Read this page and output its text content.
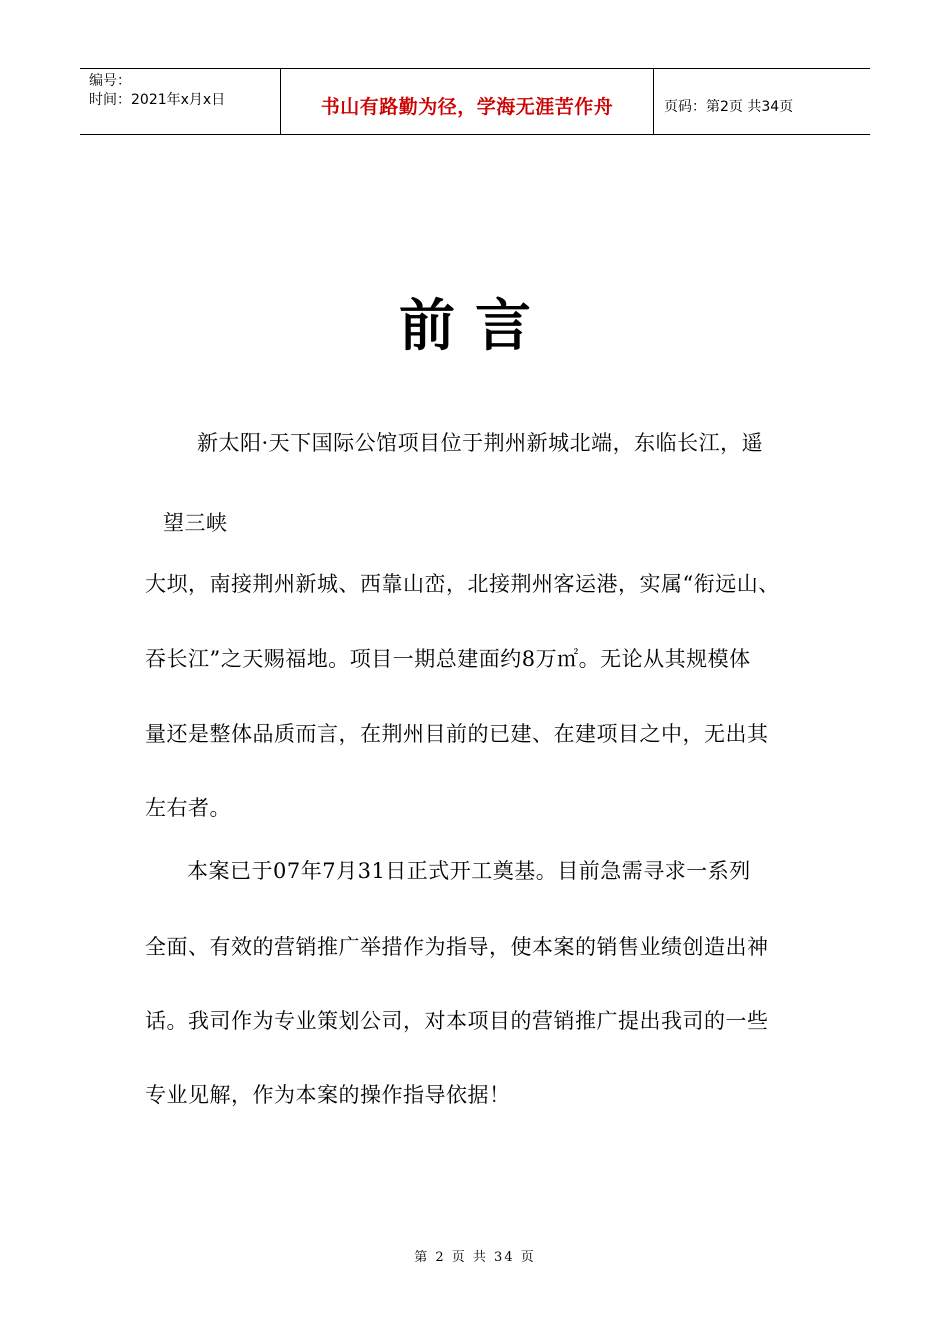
编号：
时间：2021年x月x日	书山有路勤为径，学海无涯苦作舟	页码：第2页 共34页
前言
新太阳·天下国际公馆项目位于荆州新城北端，东临长江，遥
望三峡
大坝，南接荆州新城、西靠山峦，北接荆州客运港，实属“衔远山、
吞长江”之天赐福地。项目一期总建面约8万㎡。无论从其规模体
量还是整体品质而言，在荆州目前的已建、在建项目之中，无出其
左右者。
本案已于07年7月31日正式开工奠基。目前急需寻求一系列
全面、有效的营销推广举措作为指导，使本案的销售业绩创造出神
话。我司作为专业策划公司，对本项目的营销推广提出我司的一些
专业见解，作为本案的操作指导依据！
第 2 页 共 34 页
